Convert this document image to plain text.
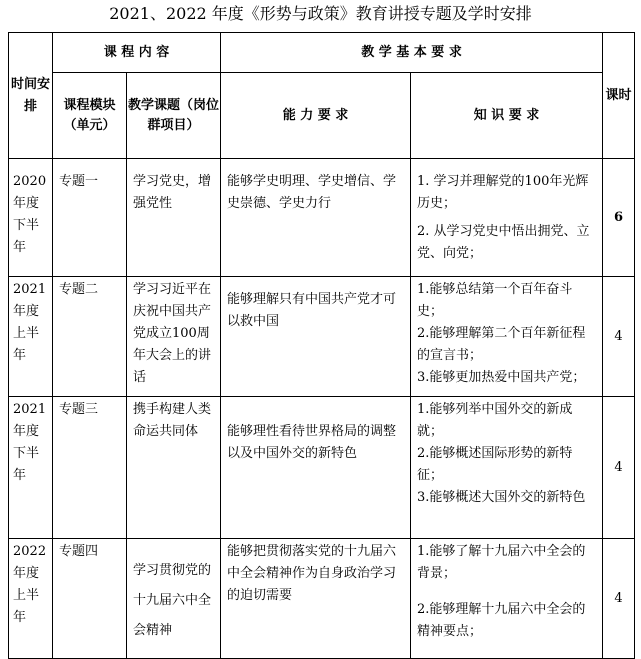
2021、2022 年度《形势与政策》教育讲授专题及学时安排
时间安排	课 程 内 容		教 学 基 本 要 求		课时
	课程模块（单元）	教学课题（岗位群项目）	能 力 要 求	知 识 要 求	
2020年度下半年	专题一	学习党史，增强党性	能够学史明理、学史增信、学史崇德、学史力行	1. 学习并理解党的100年光辉历史；

2. 从学习党史中悟出拥党、立党、向党；	6
2021年度上半年	专题二	学习习近平在庆祝中国共产党成立100周年大会上的讲话	能够理解只有中国共产党才可以救中国	1.能够总结第一个百年奋斗史；

2.能够理解第二个百年新征程的宣言书；

3.能够更加热爱中国共产党；	4
2021年度下半年	专题三	携手构建人类命运共同体	能够理性看待世界格局的调整以及中国外交的新特色	1.能够列举中国外交的新成就；

2.能够概述国际形势的新特征；

3.能够概述大国外交的新特色	4
2022年度上半年	专题四	学习贯彻党的十九届六中全会精神	能够把贯彻落实党的十九届六中全会精神作为自身政治学习的迫切需要	1.能够了解十九届六中全会的背景；

2.能够理解十九届六中全会的精神要点；	4
